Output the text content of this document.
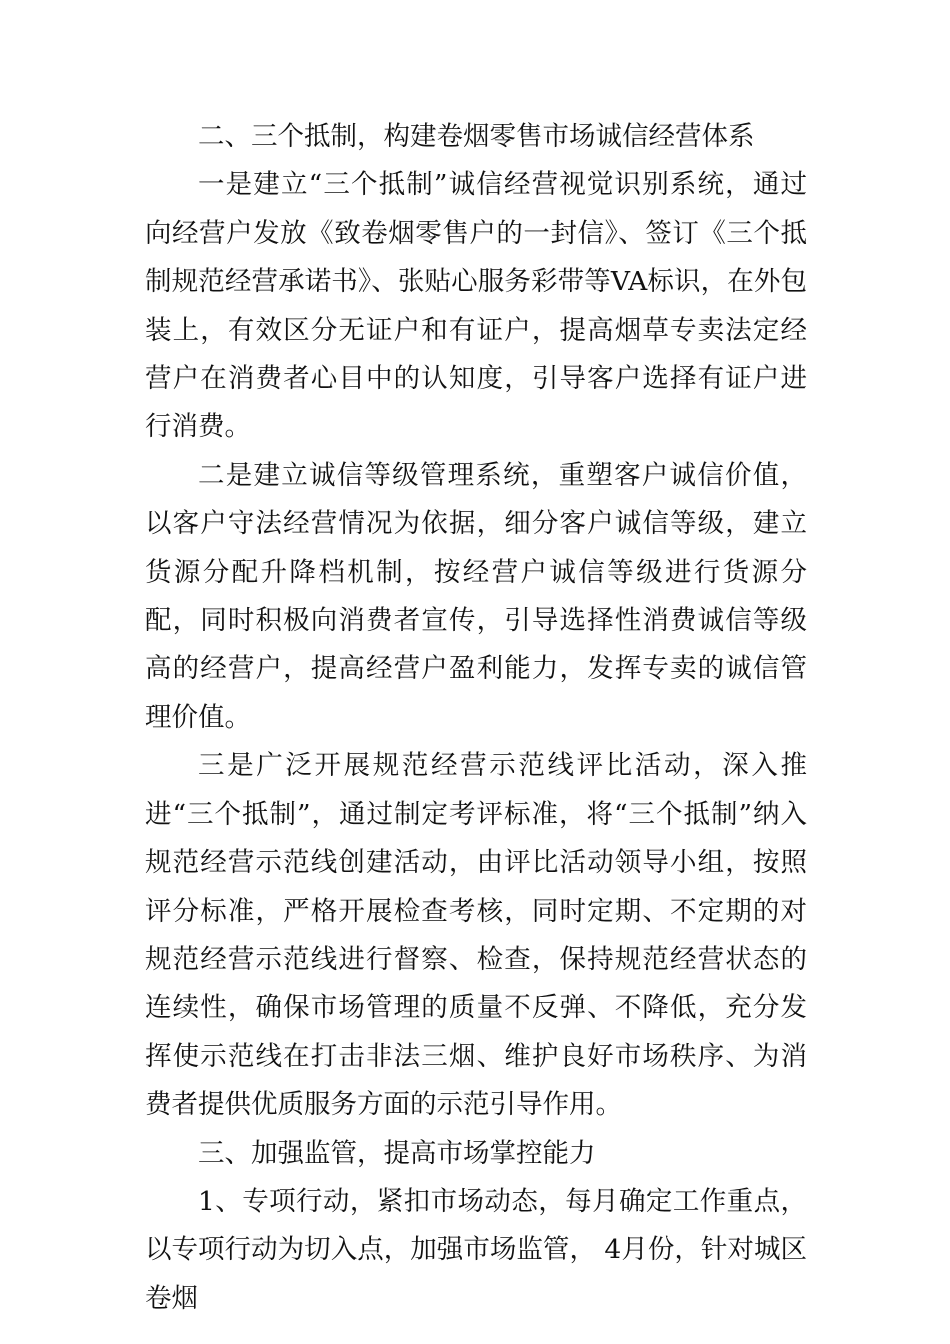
二、三个抵制，构建卷烟零售市场诚信经营体系

一是建立“三个抵制”诚信经营视觉识别系统，通过向经营户发放《致卷烟零售户的一封信》、签订《三个抵制规范经营承诺书》、张贴心服务彩带等VA标识，在外包装上，有效区分无证户和有证户，提高烟草专卖法定经营户在消费者心目中的认知度，引导客户选择有证户进行消费。

二是建立诚信等级管理系统，重塑客户诚信价值，以客户守法经营情况为依据，细分客户诚信等级，建立货源分配升降档机制，按经营户诚信等级进行货源分配，同时积极向消费者宣传，引导选择性消费诚信等级高的经营户，提高经营户盈利能力，发挥专卖的诚信管理价值。

三是广泛开展规范经营示范线评比活动，深入推进“三个抵制”，通过制定考评标准，将“三个抵制”纳入规范经营示范线创建活动，由评比活动领导小组，按照评分标准，严格开展检查考核，同时定期、不定期的对规范经营示范线进行督察、检查，保持规范经营状态的连续性，确保市场管理的质量不反弹、不降低，充分发挥使示范线在打击非法三烟、维护良好市场秩序、为消费者提供优质服务方面的示范引导作用。

三、加强监管，提高市场掌控能力

1、专项行动，紧扣市场动态，每月确定工作重点，以专项行动为切入点，加强市场监管， 4月份，针对城区卷烟
